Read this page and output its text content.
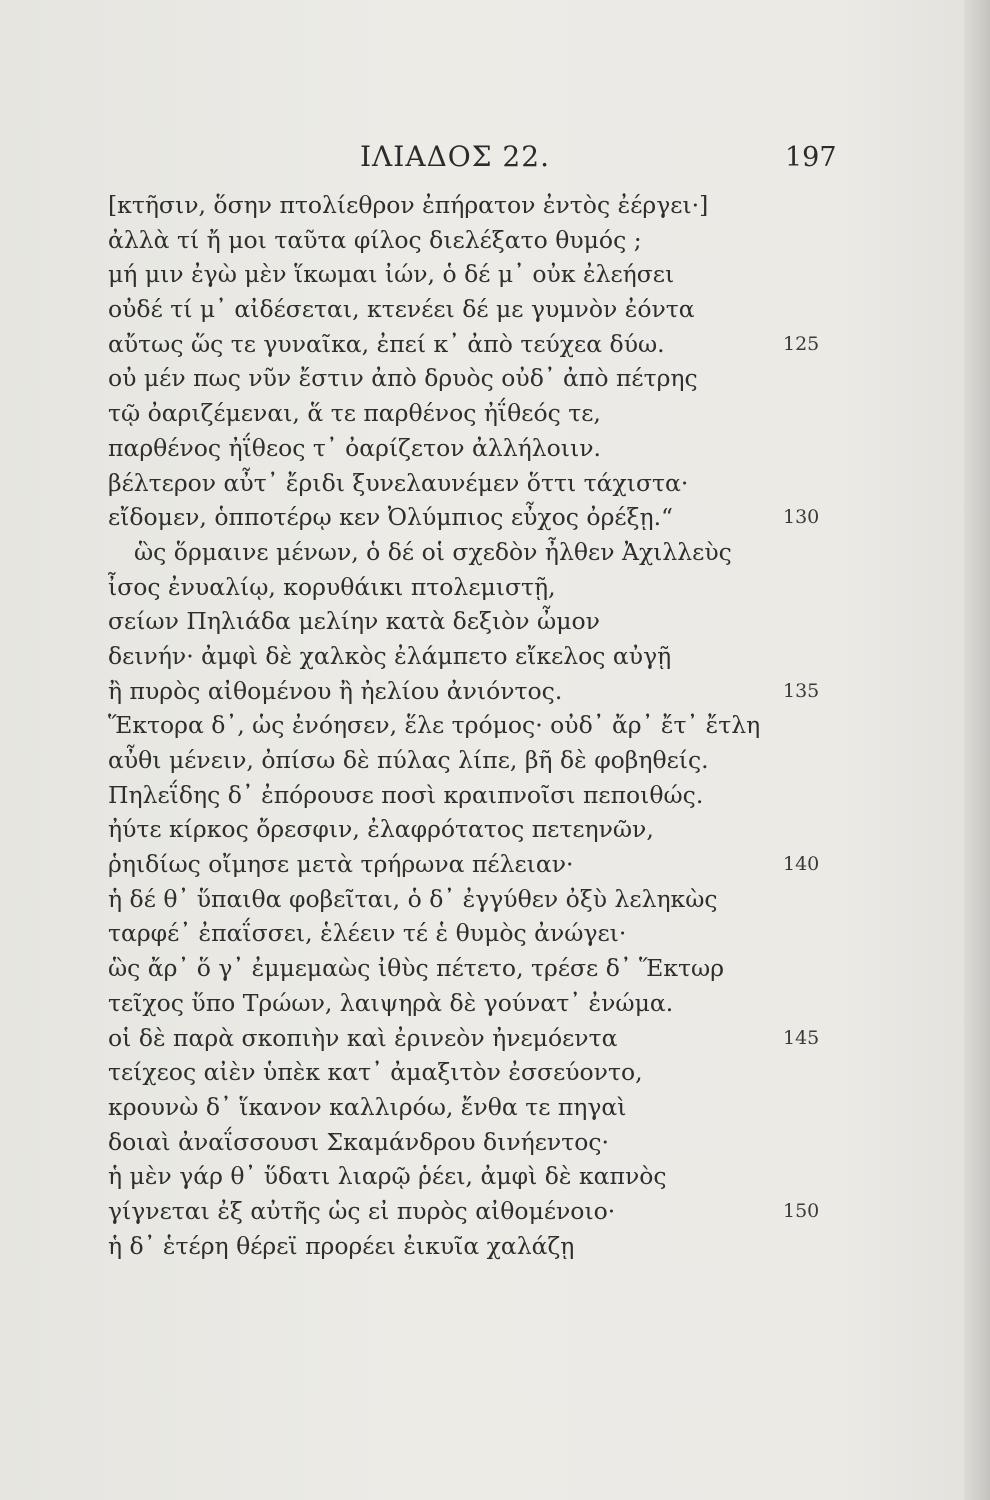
ΙΛΙΑΔΟΣ 22.	197
[κτῆσιν, ὅσην πτολίεθρον ἐπήρατον ἐντὸς ἐέργει·]
ἀλλὰ τί ἤ μοι ταῦτα φίλος διελέξατο θυμός ;
μή μιν ἐγὼ μὲν ἵκωμαι ἰών, ὁ δέ μ᾽ οὐκ ἐλεήσει
οὐδέ τί μ᾽ αἰδέσεται, κτενέει δέ με γυμνὸν ἐόντα
αὔτως ὥς τε γυναῖκα, ἐπεί κ᾽ ἀπὸ τεύχεα δύω.	125
οὐ μέν πως νῦν ἔστιν ἀπὸ δρυὸς οὐδ᾽ ἀπὸ πέτρης
τῷ ὀαριζέμεναι, ἅ τε παρθένος ἠΐθεός τε,
παρθένος ἠΐθεος τ᾽ ὀαρίζετον ἀλλήλοιιν.
βέλτερον αὖτ᾽ ἔριδι ξυνελαυνέμεν ὅττι τάχιστα·
εἴδομεν, ὁπποτέρῳ κεν Ὀλύμπιος εὖχος ὀρέξῃ.“	130
ὣς ὅρμαινε μένων, ὁ δέ οἱ σχεδὸν ἦλθεν Ἀχιλλεὺς
ἶσος ἐνυαλίῳ, κορυθάικι πτολεμιστῇ,
σείων Πηλιάδα μελίην κατὰ δεξιὸν ὦμον
δεινήν· ἀμφὶ δὲ χαλκὸς ἐλάμπετο εἴκελος αὐγῇ
ἢ πυρὸς αἰθομένου ἢ ἠελίου ἀνιόντος.	135
Ἕκτορα δ᾽, ὡς ἐνόησεν, ἕλε τρόμος· οὐδ᾽ ἄρ᾽ ἔτ᾽ ἔτλη
αὖθι μένειν, ὀπίσω δὲ πύλας λίπε, βῆ δὲ φοβηθείς.
Πηλεΐδης δ᾽ ἐπόρουσε ποσὶ κραιπνοῖσι πεποιθώς.
ἠύτε κίρκος ὄρεσφιν, ἐλαφρότατος πετεηνῶν,
ῥηιδίως οἴμησε μετὰ τρήρωνα πέλειαν·	140
ἡ δέ θ᾽ ὕπαιθα φοβεῖται, ὁ δ᾽ ἐγγύθεν ὀξὺ λεληκὼς
ταρφέ᾽ ἐπαΐσσει, ἑλέειν τέ ἑ θυμὸς ἀνώγει·
ὣς ἄρ᾽ ὅ γ᾽ ἐμμεμαὼς ἰθὺς πέτετο, τρέσε δ᾽ Ἕκτωρ
τεῖχος ὕπο Τρώων, λαιψηρὰ δὲ γούνατ᾽ ἐνώμα.
οἱ δὲ παρὰ σκοπιὴν καὶ ἐρινεὸν ἠνεμόεντα	145
τείχεος αἰὲν ὑπὲκ κατ᾽ ἀμαξιτὸν ἐσσεύοντο,
κρουνὼ δ᾽ ἵκανον καλλιρόω, ἔνθα τε πηγαὶ
δοιαὶ ἀναΐσσουσι Σκαμάνδρου δινήεντος·
ἡ μὲν γάρ θ᾽ ὕδατι λιαρῷ ῥέει, ἀμφὶ δὲ καπνὸς
γίγνεται ἐξ αὐτῆς ὡς εἰ πυρὸς αἰθομένοιο·	150
ἡ δ᾽ ἑτέρη θέρεϊ προρέει ἐικυῖα χαλάζῃ
